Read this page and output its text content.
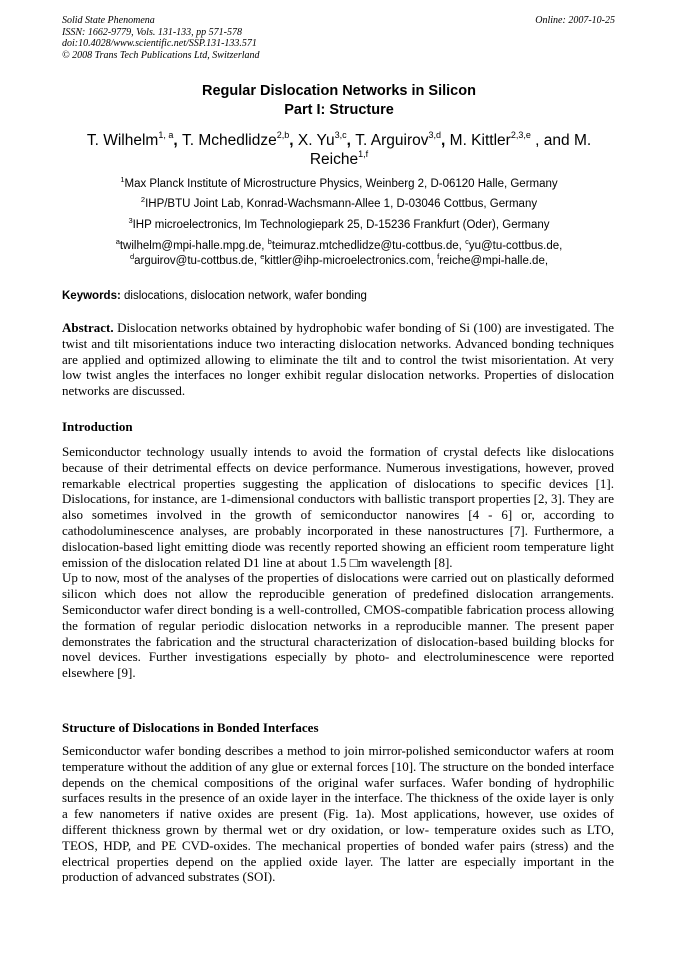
Solid State Phenomena
ISSN: 1662-9779, Vols. 131-133, pp 571-578
doi:10.4028/www.scientific.net/SSP.131-133.571
© 2008 Trans Tech Publications Ltd, Switzerland
Online: 2007-10-25
Regular Dislocation Networks in Silicon
Part I: Structure
T. Wilhelm$^{1, a}$, T. Mchedlidze$^{2,b}$, X. Yu$^{3,c}$, T. Arguirov$^{3,d}$, M. Kittler$^{2,3,e}$ , and M. Reiche$^{1,f}$
$^1$Max Planck Institute of Microstructure Physics, Weinberg 2, D-06120 Halle, Germany
$^2$IHP/BTU Joint Lab, Konrad-Wachsmann-Allee 1, D-03046 Cottbus, Germany
$^3$IHP microelectronics, Im Technologiepark 25, D-15236 Frankfurt (Oder), Germany
$^a$twilhelm@mpi-halle.mpg.de, $^b$teimuraz.mtchedlidze@tu-cottbus.de, $^c$yu@tu-cottbus.de,
$^d$arguirov@tu-cottbus.de, $^e$kittler@ihp-microelectronics.com, $^f$reiche@mpi-halle.de,
Keywords: dislocations, dislocation network, wafer bonding
Abstract. Dislocation networks obtained by hydrophobic wafer bonding of Si (100) are investigated. The twist and tilt misorientations induce two interacting dislocation networks. Advanced bonding techniques are applied and optimized allowing to eliminate the tilt and to control the twist misorientation. At very low twist angles the interfaces no longer exhibit regular dislocation networks. Properties of dislocation networks are discussed.
Introduction

Semiconductor technology usually intends to avoid the formation of crystal defects like dislocations because of their detrimental effects on device performance. Numerous investigations, however, proved remarkable electrical properties suggesting the application of dislocations to specific devices [1]. Dislocations, for instance, are 1-dimensional conductors with ballistic transport properties [2, 3]. They are also sometimes involved in the growth of semiconductor nanowires [4 - 6] or, according to cathodoluminescence analyses, are probably incorporated in these nanostructures [7]. Furthermore, a dislocation-based light emitting diode was recently reported showing an efficient room temperature light emission of the dislocation related D1 line at about 1.5 □m wavelength [8].

Up to now, most of the analyses of the properties of dislocations were carried out on plastically deformed silicon which does not allow the reproducible generation of predefined dislocation arrangements. Semiconductor wafer direct bonding is a well-controlled, CMOS-compatible fabrication process allowing the formation of regular periodic dislocation networks in a reproducible manner. The present paper demonstrates the fabrication and the structural characterization of dislocation-based building blocks for novel devices. Further investigations especially by photo- and electroluminescence were reported elsewhere [9].

Structure of Dislocations in Bonded Interfaces

Semiconductor wafer bonding describes a method to join mirror-polished semiconductor wafers at room temperature without the addition of any glue or external forces [10]. The structure on the bonded interface depends on the chemical compositions of the original wafer surfaces. Wafer bonding of hydrophilic surfaces results in the presence of an oxide layer in the interface. The thickness of the oxide layer is only a few nanometers if native oxides are present (Fig. 1a). Most applications, however, use oxides of different thickness grown by thermal wet or dry oxidation, or low- temperature oxides such as LTO, TEOS, HDP, and PE CVD-oxides. The mechanical properties of bonded wafer pairs (stress) and the electrical properties depend on the applied oxide layer. The latter are especially important in the production of advanced substrates (SOI).
